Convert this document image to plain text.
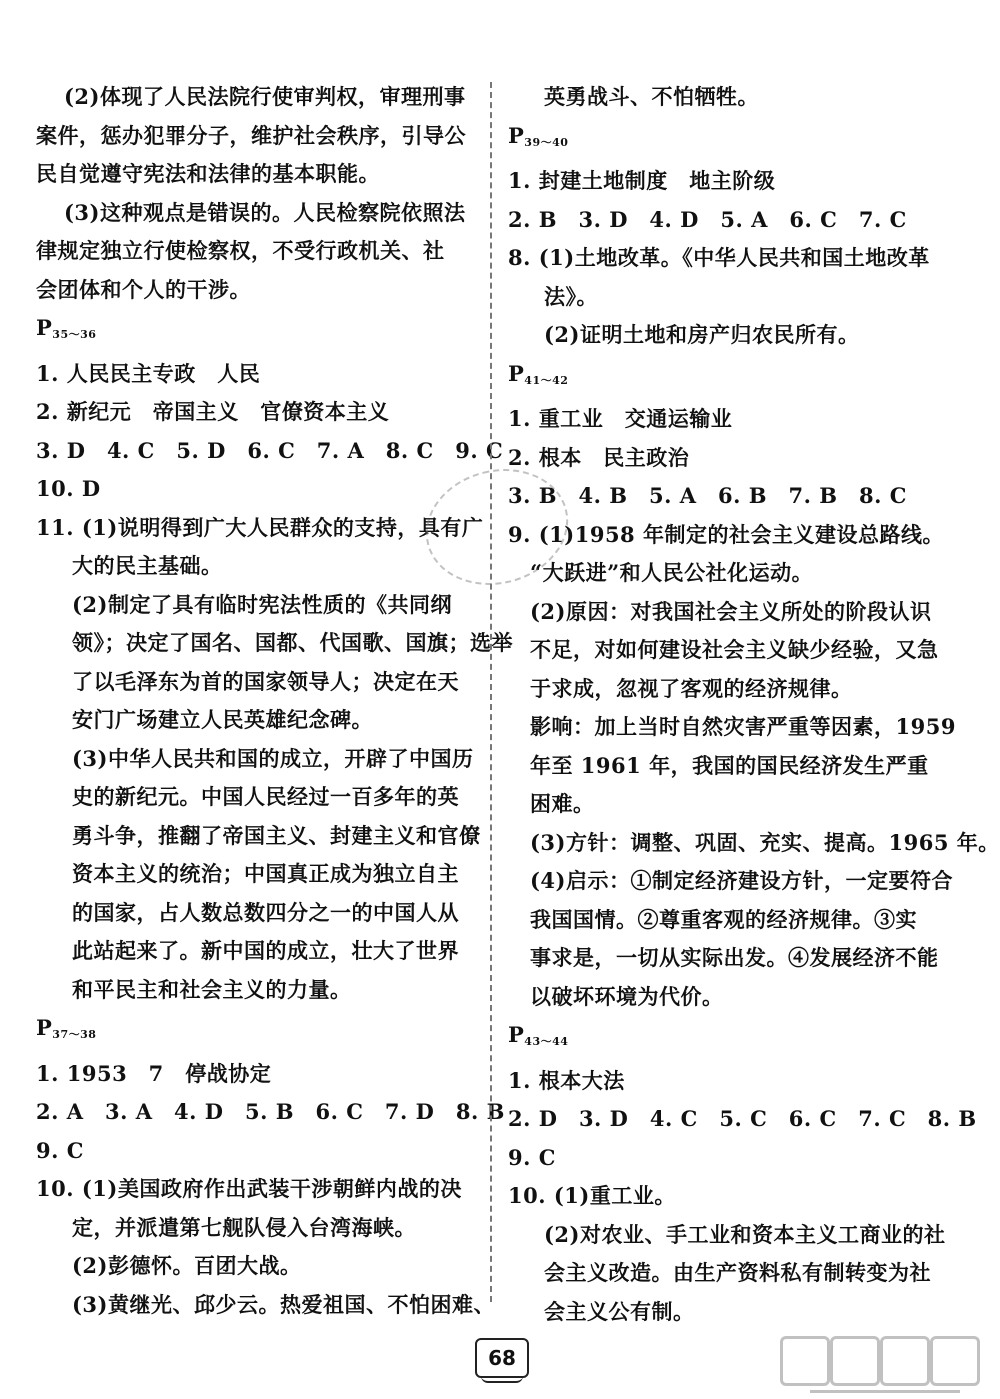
(2)体现了人民法院行使审判权，审理刑事
案件，惩办犯罪分子，维护社会秩序，引导公
民自觉遵守宪法和法律的基本职能。
(3)这种观点是错误的。人民检察院依照法
律规定独立行使检察权，不受行政机关、社
会团体和个人的干涉。
$P_{35\sim 36}$
1. 人民民主专政　人民
2. 新纪元　帝国主义　官僚资本主义
3. D　4. C　5. D　6. C　7. A　8. C　9. C
10. D
11. (1)说明得到广大人民群众的支持，具有广
大的民主基础。
(2)制定了具有临时宪法性质的《共同纲
领》；决定了国名、国都、代国歌、国旗；选举
了以毛泽东为首的国家领导人；决定在天
安门广场建立人民英雄纪念碑。
(3)中华人民共和国的成立，开辟了中国历
史的新纪元。中国人民经过一百多年的英
勇斗争，推翻了帝国主义、封建主义和官僚
资本主义的统治；中国真正成为独立自主
的国家，占人数总数四分之一的中国人从
此站起来了。新中国的成立，壮大了世界
和平民主和社会主义的力量。
$P_{37\sim 38}$
1. 1953　7　停战协定
2. A　3. A　4. D　5. B　6. C　7. D　8. B
9. C
10. (1)美国政府作出武装干涉朝鲜内战的决
定，并派遣第七舰队侵入台湾海峡。
(2)彭德怀。百团大战。
(3)黄继光、邱少云。热爱祖国、不怕困难、
英勇战斗、不怕牺牲。
$P_{39\sim 40}$
1. 封建土地制度　地主阶级
2. B　3. D　4. D　5. A　6. C　7. C
8. (1)土地改革。《中华人民共和国土地改革
法》。
(2)证明土地和房产归农民所有。
$P_{41\sim 42}$
1. 重工业　交通运输业
2. 根本　民主政治
3. B　4. B　5. A　6. B　7. B　8. C
9. (1)1958 年制定的社会主义建设总路线。
“大跃进”和人民公社化运动。
(2)原因：对我国社会主义所处的阶段认识
不足，对如何建设社会主义缺少经验，又急
于求成，忽视了客观的经济规律。
影响：加上当时自然灾害严重等因素，1959
年至 1961 年，我国的国民经济发生严重
困难。
(3)方针：调整、巩固、充实、提高。1965 年。
(4)启示：①制定经济建设方针，一定要符合
我国国情。②尊重客观的经济规律。③实
事求是，一切从实际出发。④发展经济不能
以破坏环境为代价。
$P_{43\sim 44}$
1. 根本大法
2. D　3. D　4. C　5. C　6. C　7. C　8. B
9. C
10. (1)重工业。
(2)对农业、手工业和资本主义工商业的社
会主义改造。由生产资料私有制转变为社
会主义公有制。
68
